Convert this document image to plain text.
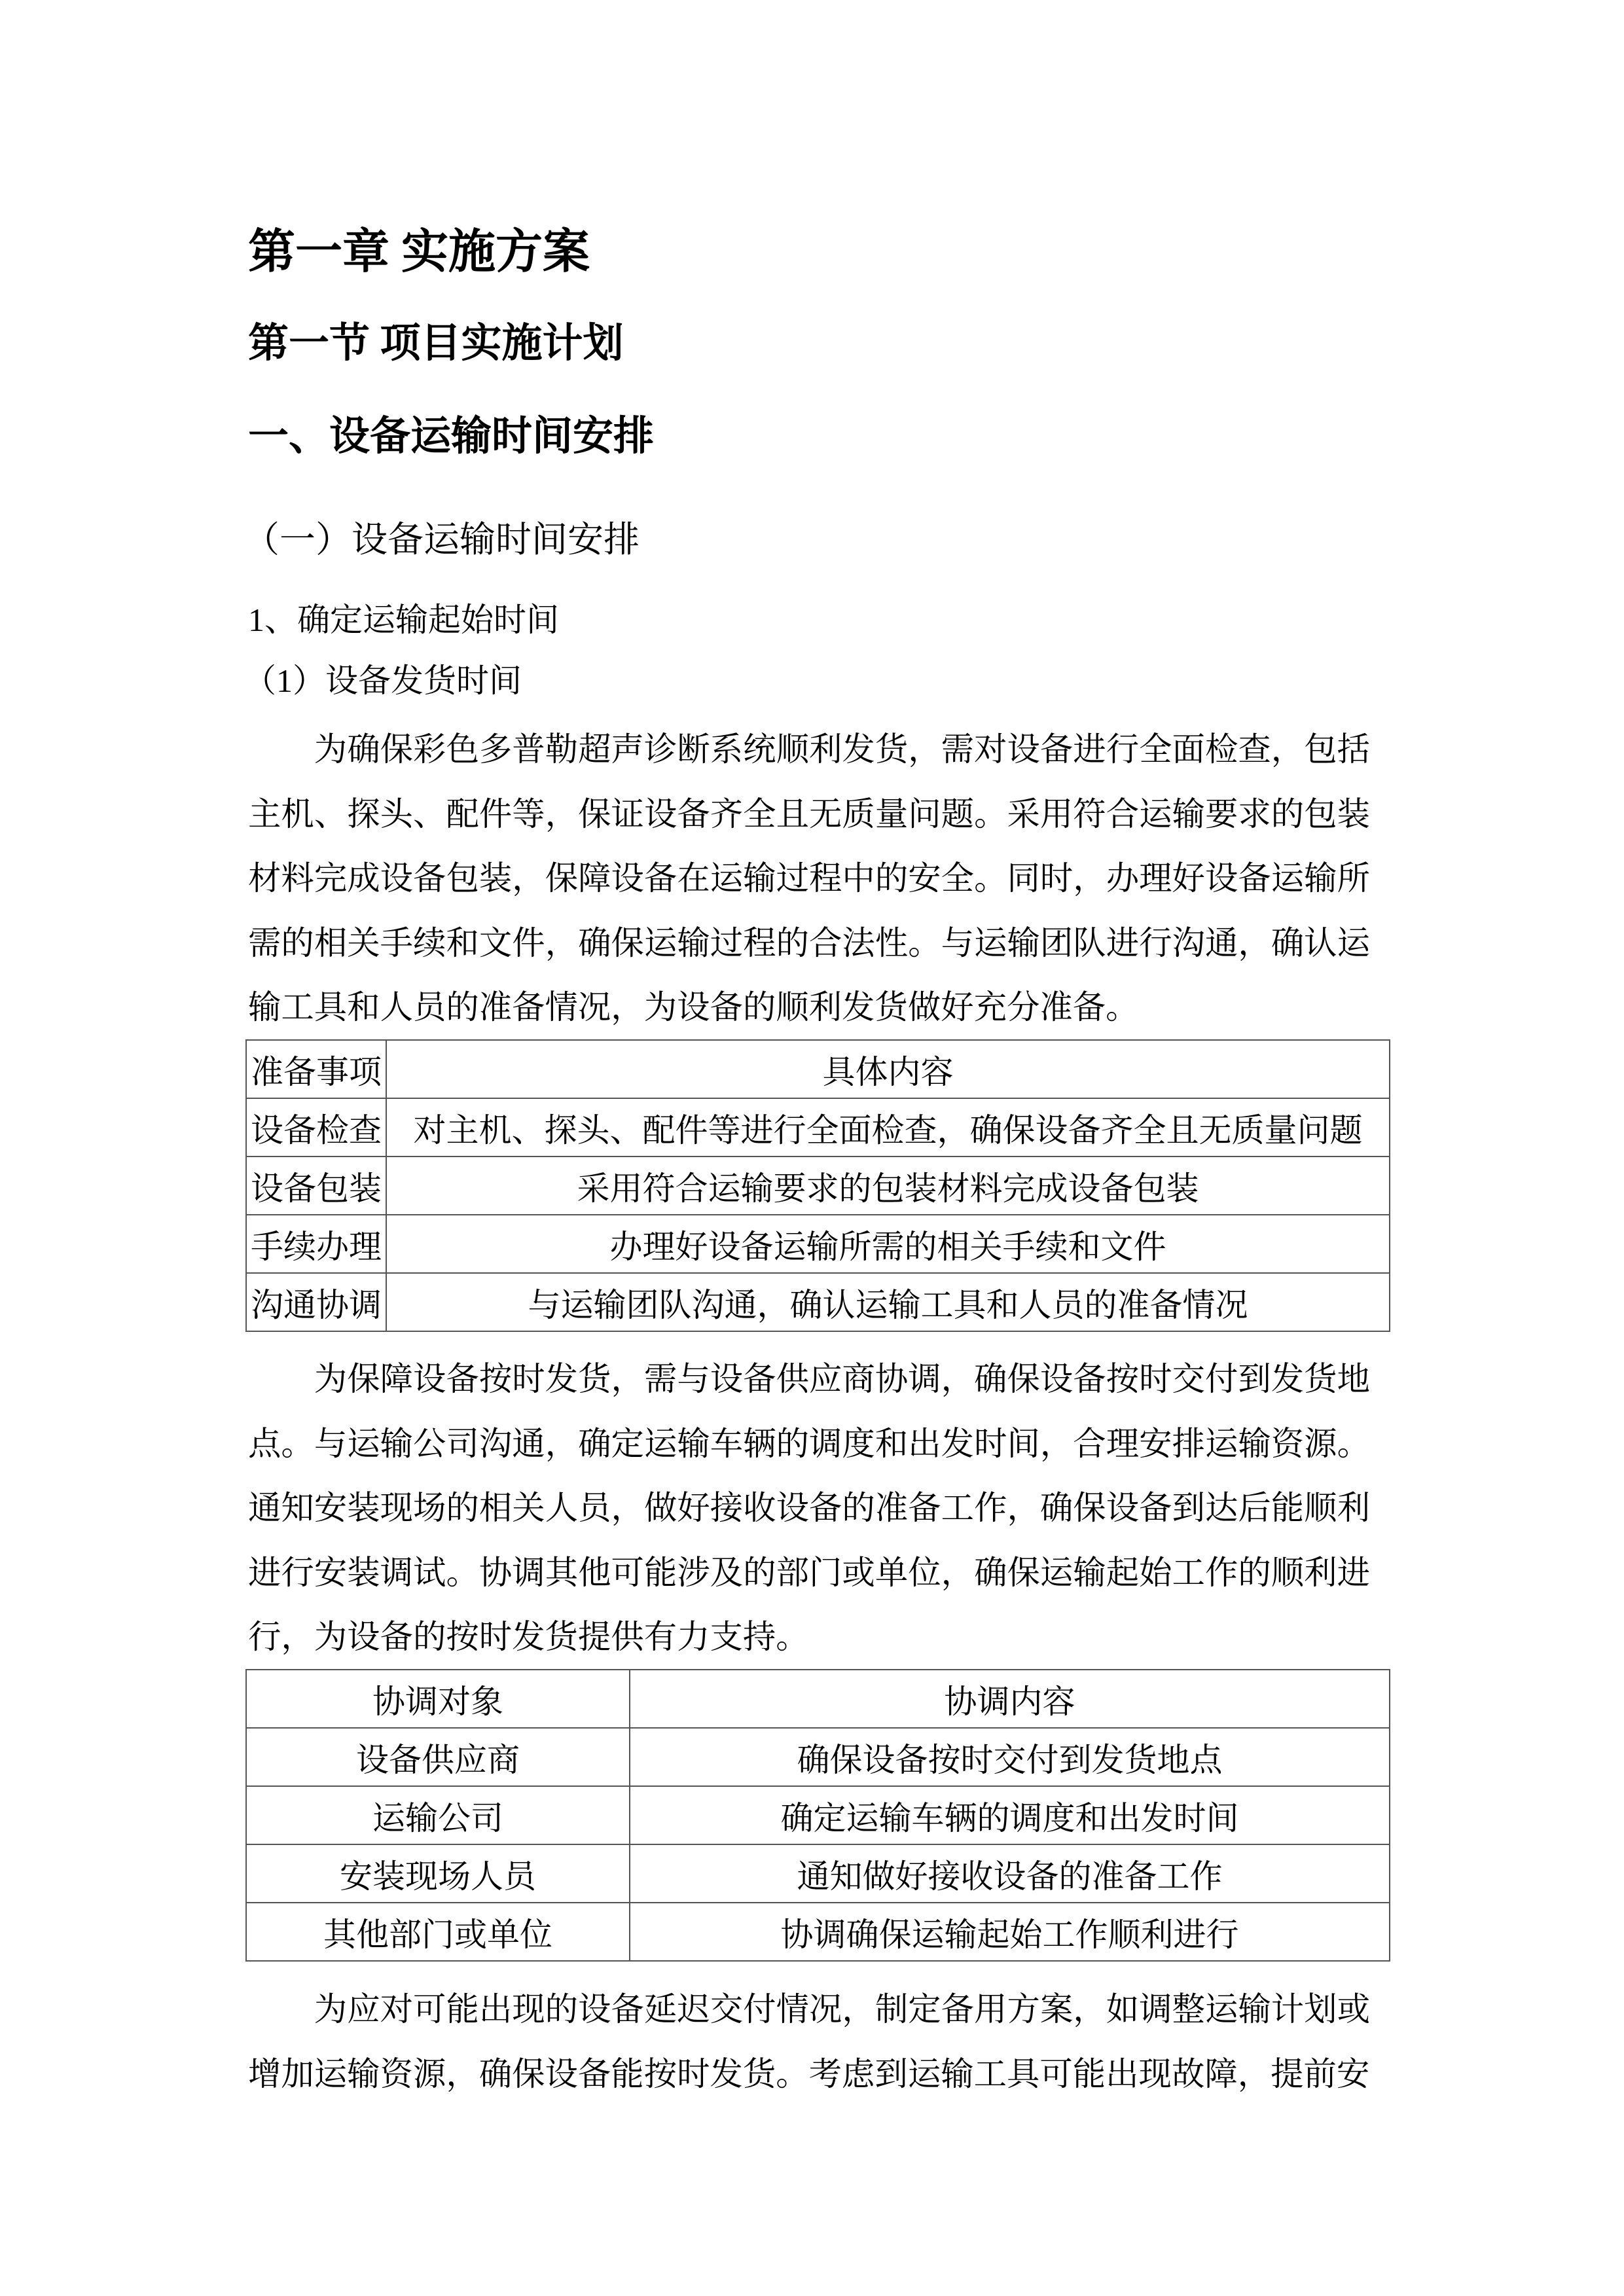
第一章 实施方案
第一节 项目实施计划
一、设备运输时间安排
（一）设备运输时间安排
1、确定运输起始时间
（1）设备发货时间
为确保彩色多普勒超声诊断系统顺利发货，需对设备进行全面检查，包括主机、探头、配件等，保证设备齐全且无质量问题。采用符合运输要求的包装材料完成设备包装，保障设备在运输过程中的安全。同时，办理好设备运输所需的相关手续和文件，确保运输过程的合法性。与运输团队进行沟通，确认运输工具和人员的准备情况，为设备的顺利发货做好充分准备。
准备事项	具体内容
设备检查	对主机、探头、配件等进行全面检查，确保设备齐全且无质量问题
设备包装	采用符合运输要求的包装材料完成设备包装
手续办理	办理好设备运输所需的相关手续和文件
沟通协调	与运输团队沟通，确认运输工具和人员的准备情况
为保障设备按时发货，需与设备供应商协调，确保设备按时交付到发货地点。与运输公司沟通，确定运输车辆的调度和出发时间，合理安排运输资源。通知安装现场的相关人员，做好接收设备的准备工作，确保设备到达后能顺利进行安装调试。协调其他可能涉及的部门或单位，确保运输起始工作的顺利进行，为设备的按时发货提供有力支持。
协调对象	协调内容
设备供应商	确保设备按时交付到发货地点
运输公司	确定运输车辆的调度和出发时间
安装现场人员	通知做好接收设备的准备工作
其他部门或单位	协调确保运输起始工作顺利进行
为应对可能出现的设备延迟交付情况，制定备用方案，如调整运输计划或增加运输资源，确保设备能按时发货。考虑到运输工具可能出现故障，提前安
